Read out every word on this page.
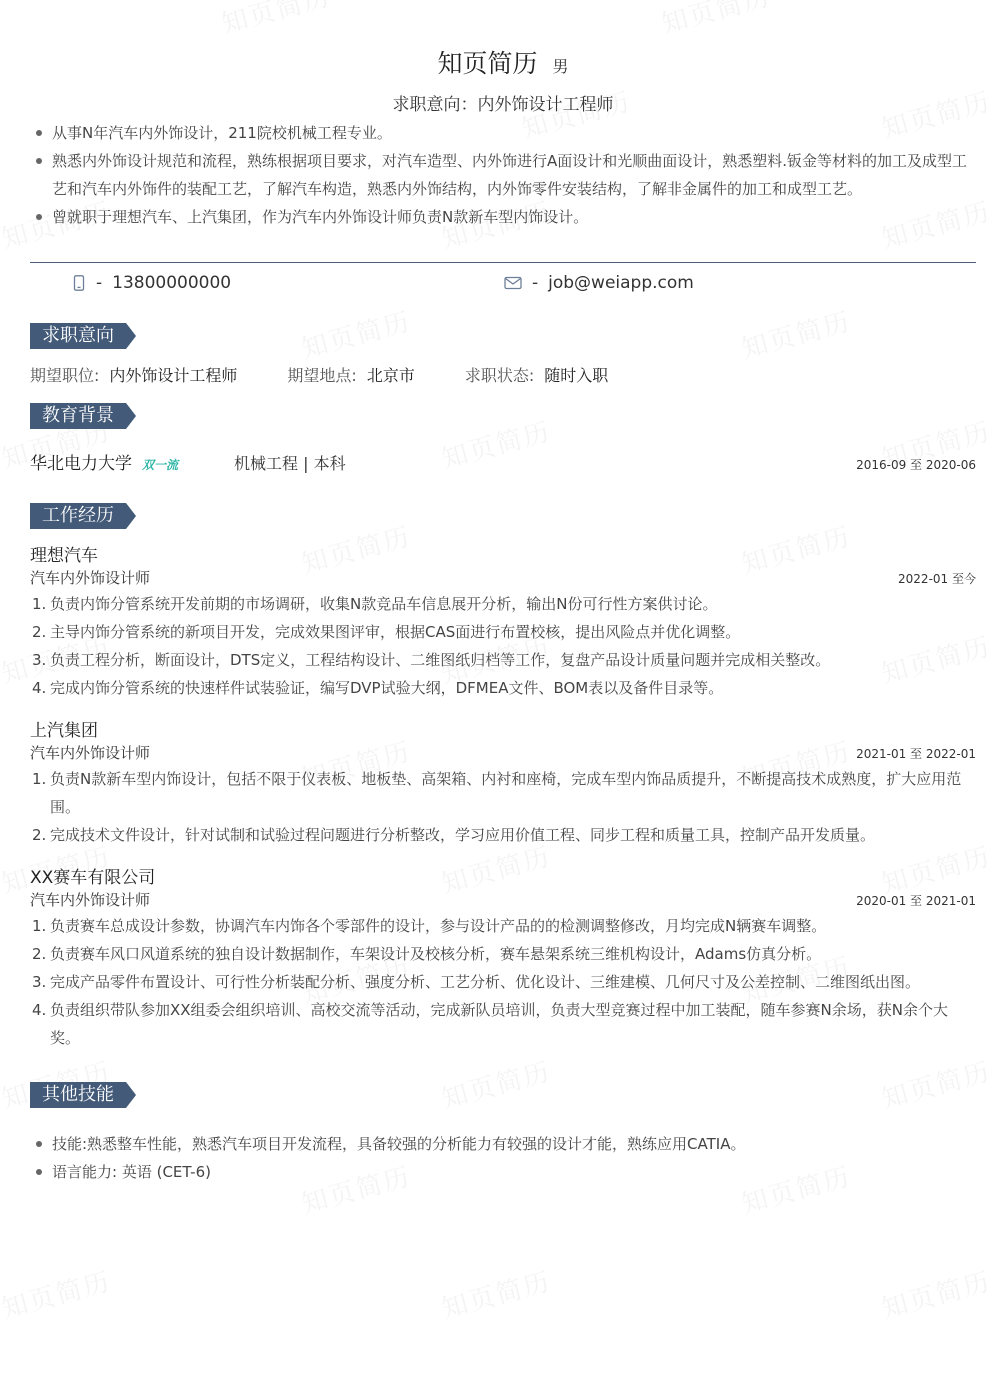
知页简历 男
求职意向：内外饰设计工程师
从事N年汽车内外饰设计，211院校机械工程专业。
熟悉内外饰设计规范和流程，熟练根据项目要求，对汽车造型、内外饰进行A面设计和光顺曲面设计，熟悉塑料.钣金等材料的加工及成型工艺和汽车内外饰件的装配工艺，了解汽车构造，熟悉内外饰结构，内外饰零件安装结构，了解非金属件的加工和成型工艺。
曾就职于理想汽车、上汽集团，作为汽车内外饰设计师负责N款新车型内饰设计。
- 13800000000	- job@weiapp.com
求职意向
期望职位: 内外饰设计工程师	期望地点: 北京市	求职状态: 随时入职
教育背景
华北电力大学 双一流	机械工程 | 本科	2016-09 至 2020-06
工作经历
理想汽车
汽车内外饰设计师	2022-01 至今
1. 负责内饰分管系统开发前期的市场调研，收集N款竞品车信息展开分析，输出N份可行性方案供讨论。
2. 主导内饰分管系统的新项目开发，完成效果图评审，根据CAS面进行布置校核，提出风险点并优化调整。
3. 负责工程分析，断面设计，DTS定义，工程结构设计、二维图纸归档等工作，复盘产品设计质量问题并完成相关整改。
4. 完成内饰分管系统的快速样件试装验证，编写DVP试验大纲，DFMEA文件、BOM表以及备件目录等。
上汽集团
汽车内外饰设计师	2021-01 至 2022-01
1. 负责N款新车型内饰设计，包括不限于仪表板、地板垫、高架箱、内衬和座椅，完成车型内饰品质提升，不断提高技术成熟度，扩大应用范围。
2. 完成技术文件设计，针对试制和试验过程问题进行分析整改，学习应用价值工程、同步工程和质量工具，控制产品开发质量。
XX赛车有限公司
汽车内外饰设计师	2020-01 至 2021-01
1. 负责赛车总成设计参数，协调汽车内饰各个零部件的设计，参与设计产品的的检测调整修改，月均完成N辆赛车调整。
2. 负责赛车风口风道系统的独自设计数据制作，车架设计及校核分析，赛车悬架系统三维机构设计，Adams仿真分析。
3. 完成产品零件布置设计、可行性分析装配分析、强度分析、工艺分析、优化设计、三维建模、几何尺寸及公差控制、二维图纸出图。
4. 负责组织带队参加XX组委会组织培训、高校交流等活动，完成新队员培训，负责大型竞赛过程中加工装配，随车参赛N余场，获N余个大奖。
其他技能
技能:熟悉整车性能，熟悉汽车项目开发流程，具备较强的分析能力有较强的设计才能，熟练应用CATIA。
语言能力: 英语 (CET-6)
